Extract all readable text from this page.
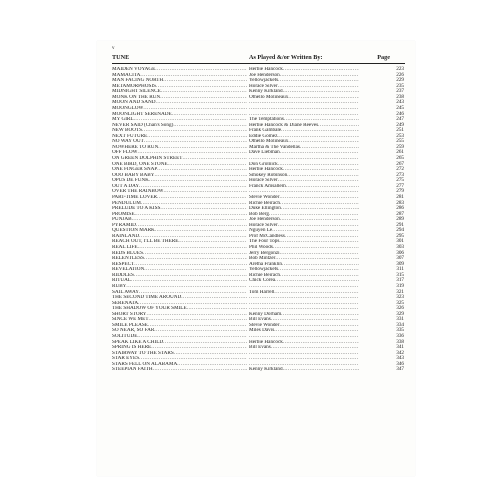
v
TUNE	As Played &/or Written By:	Page
MAIDEN VOYAGE .....	Herbie Hancock .....	223
MAMACITA .....	Joe Henderson .....	226
MAN FACING NORTH .....	Yellowjackets .....	229
METAMORPHOSIS .....	Horace Silver .....	235
MIDNIGHT SILENCE .....	Kenny Kirkland .....	237
MONK ON THE RUN .....	Othello Molineaux .....	238
MOON AND SAND ..... .....	243
MOONGLOW ..... .....	245
MOONLIGHT SERENADE ..... .....	246
MY GIRL .....	The Temptations .....	247
NEVER SAID (Chan's Song) .....	Herbie Hancock & Diane Reeves .....	249
NEW BOOTS .....	Frank Gambale .....	251
NEXT FUTURE .....	Eddie Gomez .....	253
NO WAY OUT .....	Othello Molineaux .....	255
NOWHERE TO RUN .....	Martha & The Vandellas .....	259
OFF FLOW .....	Dave Liebman .....	261
ON GREEN DOLPHIN STREET ..... .....	265
ONE BIRD, ONE STONE .....	Don Grolnick .....	267
ONE FINGER SNAP .....	Herbie Hancock .....	272
OOO BABY BABY .....	Smokey Robinson .....	273
OPUS DE FUNK .....	Horace Silver .....	275
OUT A DAY .....	Franck Amsallem .....	277
OVER THE RAINBOW ..... .....	279
PART-TIME LOVER .....	Stevie Wonder .....	281
PENDULUM .....	Richie Beirach .....	283
PRELUDE TO A KISS .....	Duke Ellington .....	286
PROMISE .....	Bob Berg .....	287
PUNJAB .....	Joe Henderson .....	289
PYRAMID .....	Horace Silver .....	291
QUESTION MARK .....	Nguyen Le .....	294
RAINLAND .....	Prof McCandless .....	295
REACH OUT, I'LL BE THERE .....	The Four Tops .....	301
REAL LIFE .....	Phil Woods .....	303
REDS BLUES .....	Jerry Bergonzi .....	306
RELENTLESS .....	Bob Mintzer .....	307
RESPECT .....	Aretha Franklin .....	309
REVELATION .....	Yellowjackets .....	311
RIDDLES .....	Richie Beirach .....	315
RITUAL .....	Chick Corea .....	317
RUBY ..... .....	319
SAIL AWAY .....	Tom Harrell .....	321
THE SECOND TIME AROUND ..... .....	323
SERENATA ..... .....	325
THE SHADOW OF YOUR SMILE ..... .....	326
SHORT STORY .....	Kenny Dorham .....	329
SINCE WE MET .....	Bill Evans .....	331
SMILE PLEASE .....	Stevie Wonder .....	334
SO NEAR, SO FAR .....	Miles Davis .....	335
SOLITUDE ..... .....	336
SPEAK LIKE A CHILD .....	Herbie Hancock .....	338
SPRING IS HERE .....	Bill Evans .....	341
STAIRWAY TO THE STARS ..... .....	342
STAR EYES ..... .....	343
STARS FELL ON ALABAMA ..... .....	346
STEEPIAN FAITH .....	Kenny Kirkland .....	347
